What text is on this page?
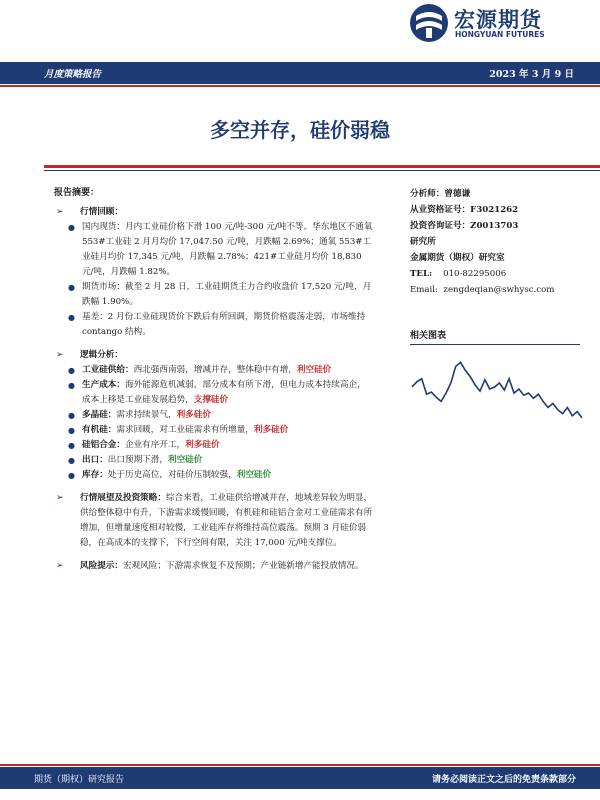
宏源期货
HONGYUAN FUTURES
月度策略报告	2023 年 3 月 9 日
多空并存，硅价弱稳
报告摘要：
➢ 行情回顾：
● 国内现货：月内工业硅价格下滑 100 元/吨-300 元/吨不等。华东地区不通氧 553#工业硅 2 月月均价 17,047.50 元/吨，月跌幅 2.69%；通氧 553#工业硅月均价 17,345 元/吨，月跌幅 2.78%；421#工业硅月均价 18,830 元/吨，月跌幅 1.82%。
● 期货市场：截至 2 月 28 日，工业硅期货主力合约收盘价 17,520 元/吨，月跌幅 1.90%。
● 基差：2 月份工业硅现货价下跌后有所回调，期货价格震荡走弱，市场维持 contango 结构。
➢ 逻辑分析：
● 工业硅供给：西北强西南弱，增减并存，整体稳中有增，利空硅价
● 生产成本：海外能源危机减弱，部分成本有所下滑，但电力成本持续高企，成本上移是工业硅发展趋势，支撑硅价
● 多晶硅：需求持续景气，利多硅价
● 有机硅：需求回暖，对工业硅需求有所增量，利多硅价
● 硅铝合金：企业有序开工，利多硅价
● 出口：出口预期下滑，利空硅价
● 库存：处于历史高位，对硅价压制较强，利空硅价
➢ 行情展望及投资策略：综合来看，工业硅供给增减并存，地域差异较为明显，供给整体稳中有升，下游需求缓慢回暖，有机硅和硅铝合金对工业硅需求有所增加，但增量速度相对较慢，工业硅库存将维持高位震荡。预期 3 月硅价弱稳，在高成本的支撑下，下行空间有限，关注 17,000 元/吨支撑位。
➢ 风险提示：宏观风险；下游需求恢复不及预期；产业链新增产能投放情况。
分析师：曾德谦
从业资格证号：F3021262
投资咨询证号：Z0013703
研究所
金属期货（期权）研究室
TEL: 010-82295006
Email: zengdeqian@swhysc.com
相关图表
期货（期权）研究报告	请务必阅读正文之后的免责条款部分
